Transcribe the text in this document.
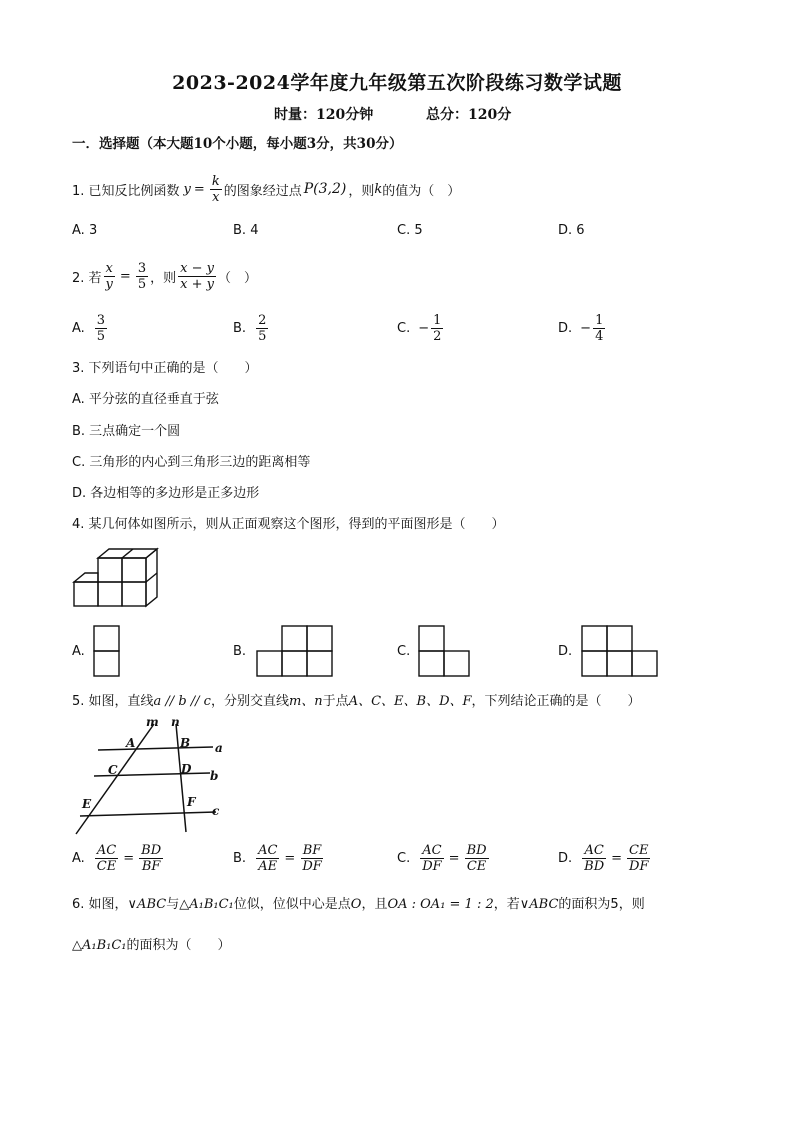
2023-2024学年度九年级第五次阶段练习数学试题
时量：120分钟	总分：120分
一．选择题（本大题10个小题，每小题3分，共30分）
1. 已知反比例函数 $y = \frac{k}{x}$ 的图象经过点 P(3,2) ，则 k 的值为（　）
A. 3	B. 4	C. 5	D. 6
2. 若 $\frac{x}{y} = \frac{3}{5}$ ，则 $\frac{x - y}{x + y}$ （　）
A. $\frac{3}{5}$	B. $\frac{2}{5}$	C. − $\frac{1}{2}$	D. − $\frac{1}{4}$
3. 下列语句中正确的是（　　）
A. 平分弦的直径垂直于弦
B. 三点确定一个圆
C. 三角形的内心到三角形三边的距离相等
D. 各边相等的多边形是正多边形
4. 某几何体如图所示，则从正面观察这个图形，得到的平面图形是（　　）
A.	B.	C.	D.
5. 如图，直线a // b // c，分别交直线m、n于点A、C、E、B、D、F，下列结论正确的是（　　）
m n
A	B a
C	D b
E	F
c
A. $\frac{AC}{CE} = \frac{BD}{BF}$	B. $\frac{AC}{AE} = \frac{BF}{DF}$	C. $\frac{AC}{DF} = \frac{BD}{CE}$	D. $\frac{AC}{BD} = \frac{CE}{DF}$
6. 如图，∨ABC与△A₁B₁C₁位似，位似中心是点O，且OA : OA₁ = 1 : 2，若∨ABC的面积为5，则
△A₁B₁C₁的面积为（　　）
